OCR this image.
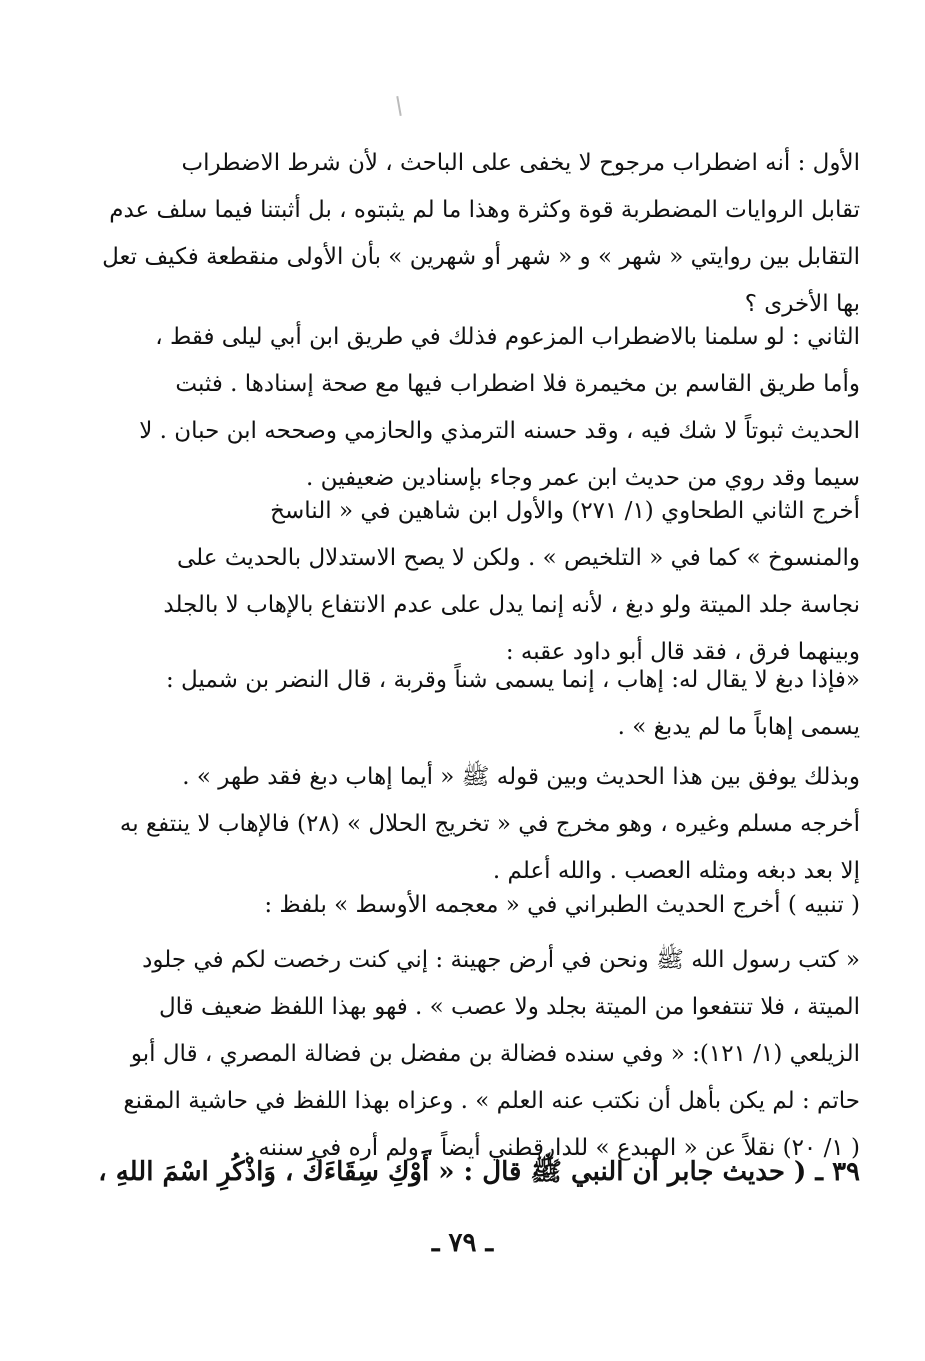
الأول : أنه اضطراب مرجوح لا يخفى على الباحث ، لأن شرط الاضطراب
تقابل الروايات المضطربة قوة وكثرة وهذا ما لم يثبتوه ، بل أثبتنا فيما سلف عدم
التقابل بين روايتي « شهر » و « شهر أو شهرين » بأن الأولى منقطعة فكيف تعل
بها الأخرى ؟
الثاني : لو سلمنا بالاضطراب المزعوم فذلك في طريق ابن أبي ليلى فقط ،
وأما طريق القاسم بن مخيمرة فلا اضطراب فيها مع صحة إسنادها . فثبت
الحديث ثبوتاً لا شك فيه ، وقد حسنه الترمذي والحازمي وصححه ابن حبان . لا
سيما وقد روي من حديث ابن عمر وجاء بإسنادين ضعيفين .
أخرج الثاني الطحاوي (١/ ٢٧١) والأول ابن شاهين في « الناسخ
والمنسوخ » كما في « التلخيص » . ولكن لا يصح الاستدلال بالحديث على
نجاسة جلد الميتة ولو دبغ ، لأنه إنما يدل على عدم الانتفاع بالإهاب لا بالجلد
وبينهما فرق ، فقد قال أبو داود عقبه :
«فإذا دبغ لا يقال له: إهاب ، إنما يسمى شناً وقربة ، قال النضر بن شميل :
يسمى إهاباً ما لم يدبغ » .
وبذلك يوفق بين هذا الحديث وبين قوله ﷺ « أيما إهاب دبغ فقد طهر » .
أخرجه مسلم وغيره ، وهو مخرج في « تخريج الحلال » (٢٨) فالإهاب لا ينتفع به
إلا بعد دبغه ومثله العصب . والله أعلم .
( تنبيه ) أخرج الحديث الطبراني في « معجمه الأوسط » بلفظ :
« كتب رسول الله ﷺ ونحن في أرض جهينة : إني كنت رخصت لكم في جلود
الميتة ، فلا تنتفعوا من الميتة بجلد ولا عصب » . فهو بهذا اللفظ ضعيف قال
الزيلعي (١/ ١٢١): « وفي سنده فضالة بن مفضل بن فضالة المصري ، قال أبو
حاتم : لم يكن بأهل أن نكتب عنه العلم » . وعزاه بهذا اللفظ في حاشية المقنع
( ١/ ٢٠) نقلاً عن « المبدع » للدارقطني أيضاً ، ولم أره في سننه .
٣٩ ـ ( حديث جابر أن النبي ﷺ قال : « أَوْكِ سِقَاءَكَ ، وَاذْكُرِ اسْمَ اللهِ ،
ـ ٧٩ ـ
